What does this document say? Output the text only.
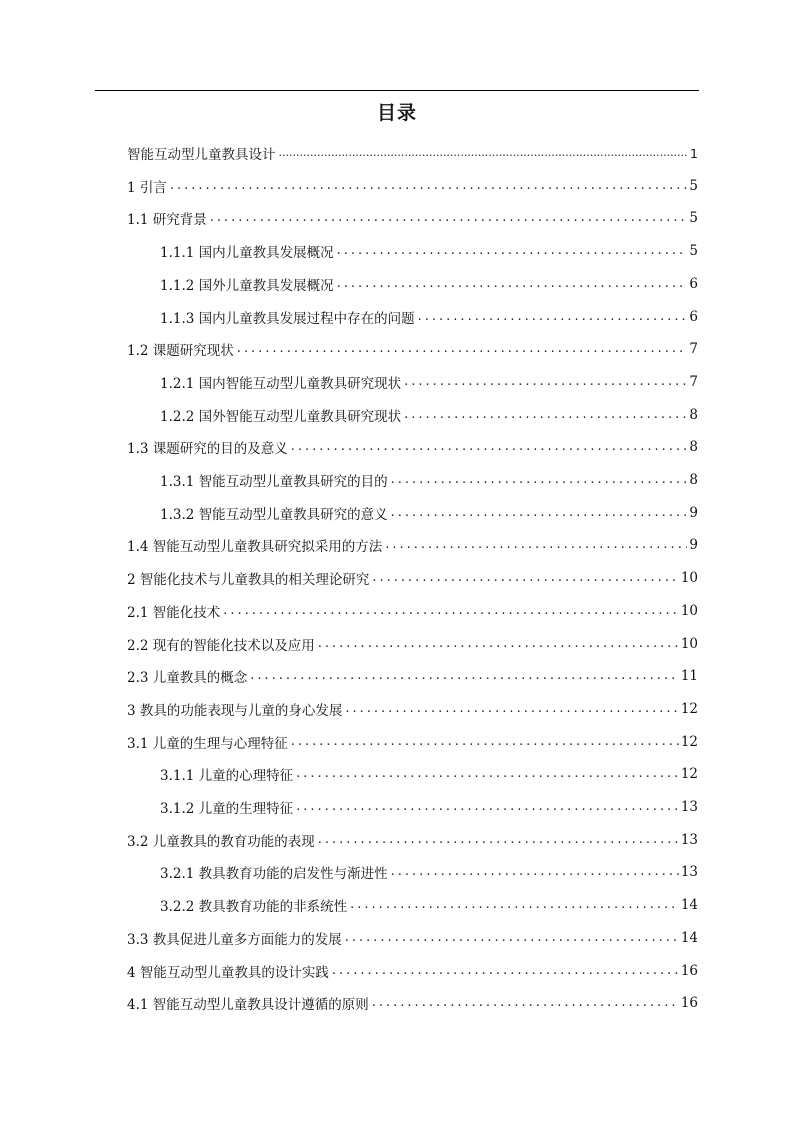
目录
智能互动型儿童教具设计 .....	1
1 引言 .....	5
1.1 研究背景 .....	5
1.1.1 国内儿童教具发展概况 .....	5
1.1.2 国外儿童教具发展概况 .....	6
1.1.3 国内儿童教具发展过程中存在的问题 .....	6
1.2 课题研究现状 .....	7
1.2.1 国内智能互动型儿童教具研究现状 .....	7
1.2.2 国外智能互动型儿童教具研究现状 .....	8
1.3 课题研究的目的及意义 .....	8
1.3.1 智能互动型儿童教具研究的目的 .....	8
1.3.2 智能互动型儿童教具研究的意义 .....	9
1.4 智能互动型儿童教具研究拟采用的方法 .....	9
2 智能化技术与儿童教具的相关理论研究 .....	10
2.1 智能化技术 .....	10
2.2 现有的智能化技术以及应用 .....	10
2.3 儿童教具的概念 .....	11
3 教具的功能表现与儿童的身心发展 .....	12
3.1 儿童的生理与心理特征 .....	12
3.1.1 儿童的心理特征 .....	12
3.1.2 儿童的生理特征 .....	13
3.2 儿童教具的教育功能的表现 .....	13
3.2.1 教具教育功能的启发性与渐进性 .....	13
3.2.2 教具教育功能的非系统性 .....	14
3.3 教具促进儿童多方面能力的发展 .....	14
4 智能互动型儿童教具的设计实践 .....	16
4.1 智能互动型儿童教具设计遵循的原则 .....	16
